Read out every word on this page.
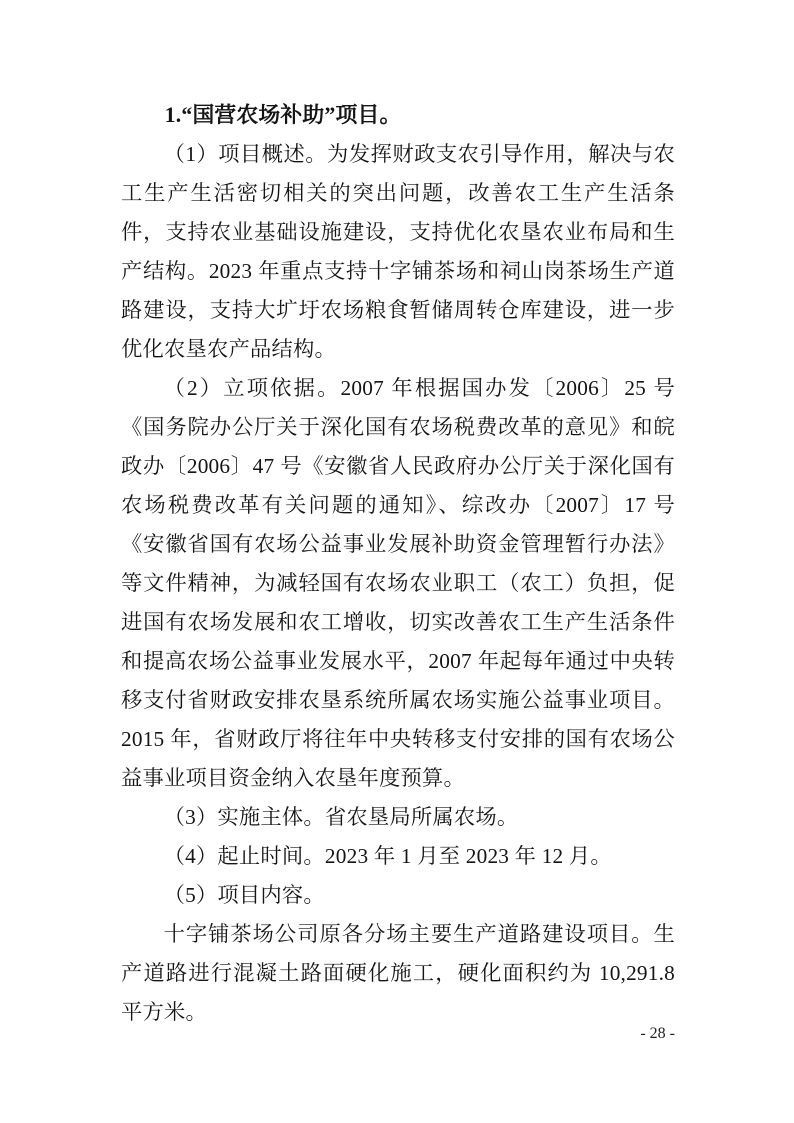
1.“国营农场补助”项目。

（1）项目概述。为发挥财政支农引导作用，解决与农工生产生活密切相关的突出问题，改善农工生产生活条件，支持农业基础设施建设，支持优化农垦农业布局和生产结构。2023 年重点支持十字铺茶场和祠山岗茶场生产道路建设，支持大圹圩农场粮食暂储周转仓库建设，进一步优化农垦农产品结构。

（2）立项依据。2007 年根据国办发〔2006〕25 号《国务院办公厅关于深化国有农场税费改革的意见》和皖政办〔2006〕47 号《安徽省人民政府办公厅关于深化国有农场税费改革有关问题的通知》、综改办〔2007〕17 号《安徽省国有农场公益事业发展补助资金管理暂行办法》等文件精神，为减轻国有农场农业职工（农工）负担，促进国有农场发展和农工增收，切实改善农工生产生活条件和提高农场公益事业发展水平，2007 年起每年通过中央转移支付省财政安排农垦系统所属农场实施公益事业项目。2015 年，省财政厅将往年中央转移支付安排的国有农场公益事业项目资金纳入农垦年度预算。

（3）实施主体。省农垦局所属农场。

（4）起止时间。2023 年 1 月至 2023 年 12 月。

（5）项目内容。

十字铺茶场公司原各分场主要生产道路建设项目。生产道路进行混凝土路面硬化施工，硬化面积约为 10,291.8 平方米。

- 28 -
